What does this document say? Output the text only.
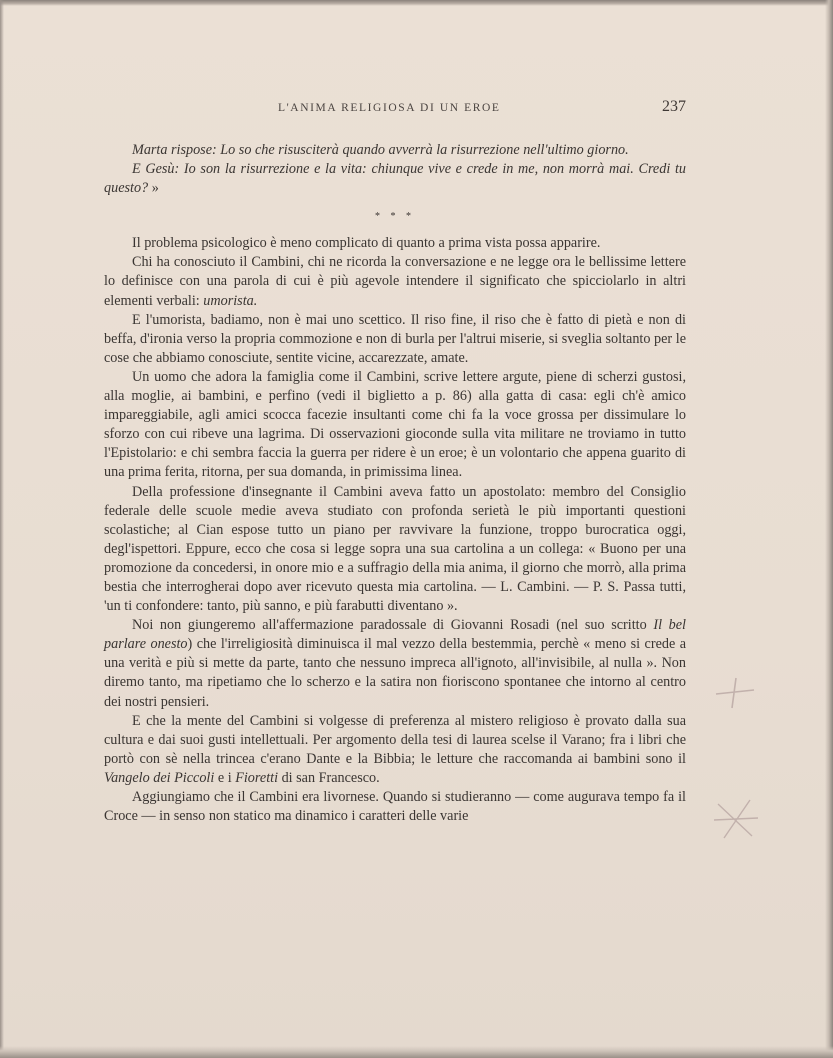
L'ANIMA RELIGIOSA DI UN EROE	237

Marta rispose: Lo so che risusciterà quando avverrà la risurrezione nell'ultimo giorno.

E Gesù: Io son la risurrezione e la vita: chiunque vive e crede in me, non morrà mai. Credi tu questo? »

* * *

Il problema psicologico è meno complicato di quanto a prima vista possa apparire.

Chi ha conosciuto il Cambini, chi ne ricorda la conversazione e ne legge ora le bellissime lettere lo definisce con una parola di cui è più agevole intendere il significato che spicciolarlo in altri elementi verbali: umorista.

E l'umorista, badiamo, non è mai uno scettico. Il riso fine, il riso che è fatto di pietà e non di beffa, d'ironia verso la propria commozione e non di burla per l'altrui miserie, si sveglia soltanto per le cose che abbiamo conosciute, sentite vicine, accarezzate, amate.

Un uomo che adora la famiglia come il Cambini, scrive lettere argute, piene di scherzi gustosi, alla moglie, ai bambini, e perfino (vedi il biglietto a p. 86) alla gatta di casa: egli ch'è amico impareggiabile, agli amici scocca facezie insultanti come chi fa la voce grossa per dissimulare lo sforzo con cui ribeve una lagrima. Di osservazioni gioconde sulla vita militare ne troviamo in tutto l'Epistolario: e chi sembra faccia la guerra per ridere è un eroe; è un volontario che appena guarito di una prima ferita, ritorna, per sua domanda, in primissima linea.

Della professione d'insegnante il Cambini aveva fatto un apostolato: membro del Consiglio federale delle scuole medie aveva studiato con profonda serietà le più importanti questioni scolastiche; al Cian espose tutto un piano per ravvivare la funzione, troppo burocratica oggi, degl'ispettori. Eppure, ecco che cosa si legge sopra una sua cartolina a un collega: « Buono per una promozione da concedersi, in onore mio e a suffragio della mia anima, il giorno che morrò, alla prima bestia che interrogherai dopo aver ricevuto questa mia cartolina. — L. Cambini. — P. S. Passa tutti, 'un ti confondere: tanto, più sanno, e più farabutti diventano ».

Noi non giungeremo all'affermazione paradossale di Giovanni Rosadi (nel suo scritto Il bel parlare onesto) che l'irreligiosità diminuisca il mal vezzo della bestemmia, perchè « meno si crede a una verità e più si mette da parte, tanto che nessuno impreca all'ignoto, all'invisibile, al nulla ». Non diremo tanto, ma ripetiamo che lo scherzo e la satira non fioriscono spontanee che intorno al centro dei nostri pensieri.

E che la mente del Cambini si volgesse di preferenza al mistero religioso è provato dalla sua cultura e dai suoi gusti intellettuali. Per argomento della tesi di laurea scelse il Varano; fra i libri che portò con sè nella trincea c'erano Dante e la Bibbia; le letture che raccomanda ai bambini sono il Vangelo dei Piccoli e i Fioretti di san Francesco.

Aggiungiamo che il Cambini era livornese. Quando si studieranno — come augurava tempo fa il Croce — in senso non statico ma dinamico i caratteri delle varie
